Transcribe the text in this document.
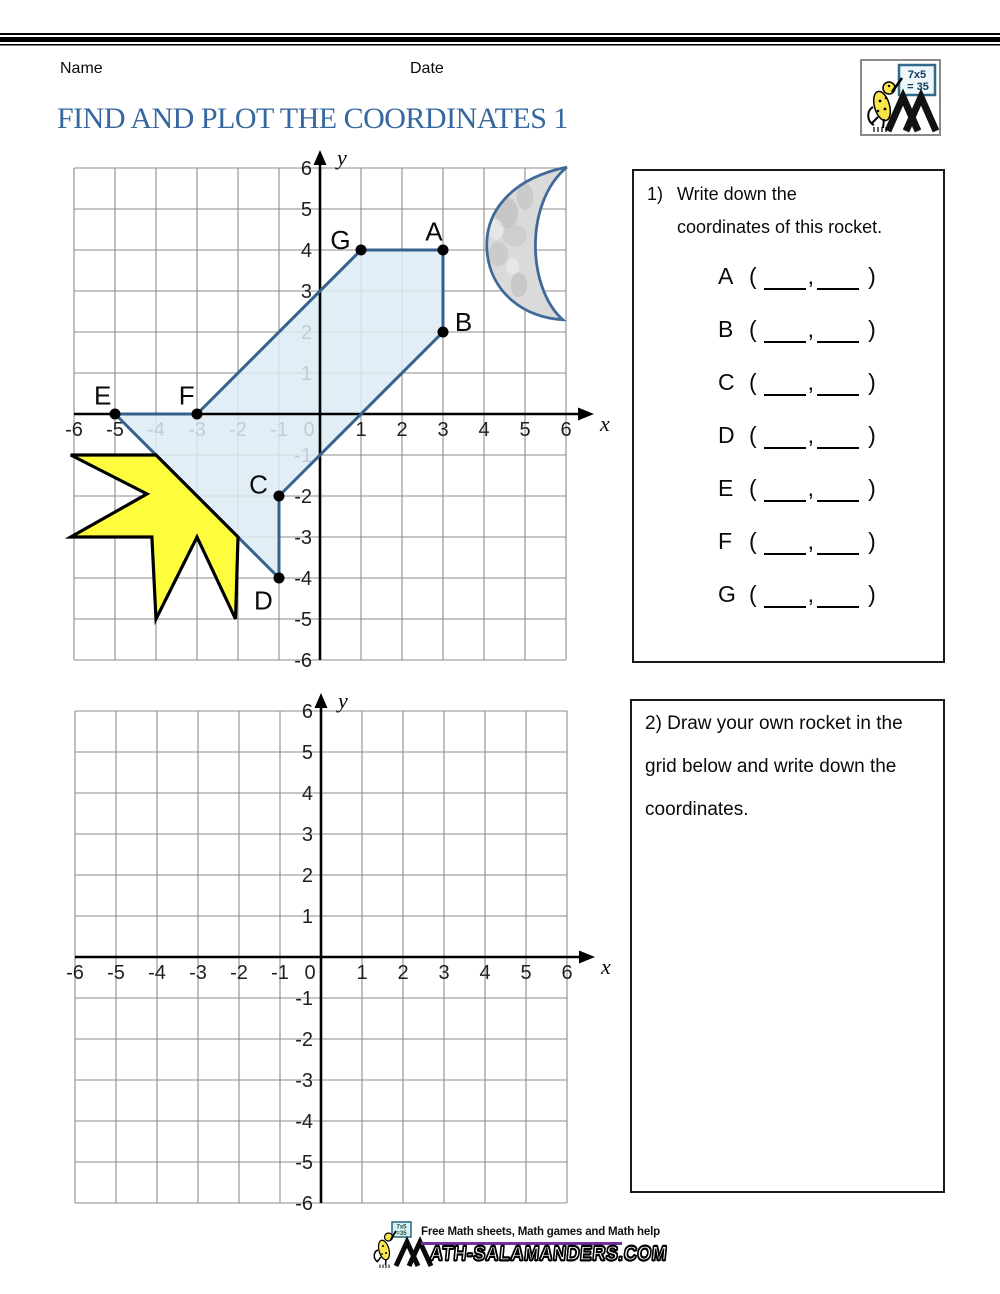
Name	Date
FIND AND PLOT THE COORDINATES 1
7x5
= 35
-6 -5	1 2 3 4 5 6
6
5
4
3
-2
-3
-4
-5
-6
x
y
E	F
G	A
B
C
D
-6 -5 -4 -3 -2 -1 0 1 2 3 4 5 6
6
5
4
3
2
1
-1
-2
-3
-4
-5
-6
x
y
1) Write down the
coordinates of this rocket.
A ( , )
B ( , )
C ( , )
D ( , )
E ( , )
F ( , )
G ( , )
2) Draw your own rocket in the
grid below and write down the
coordinates.
7x5
=35 Free Math sheets, Math games and Math help
ATH-SALAMANDERS.COM
